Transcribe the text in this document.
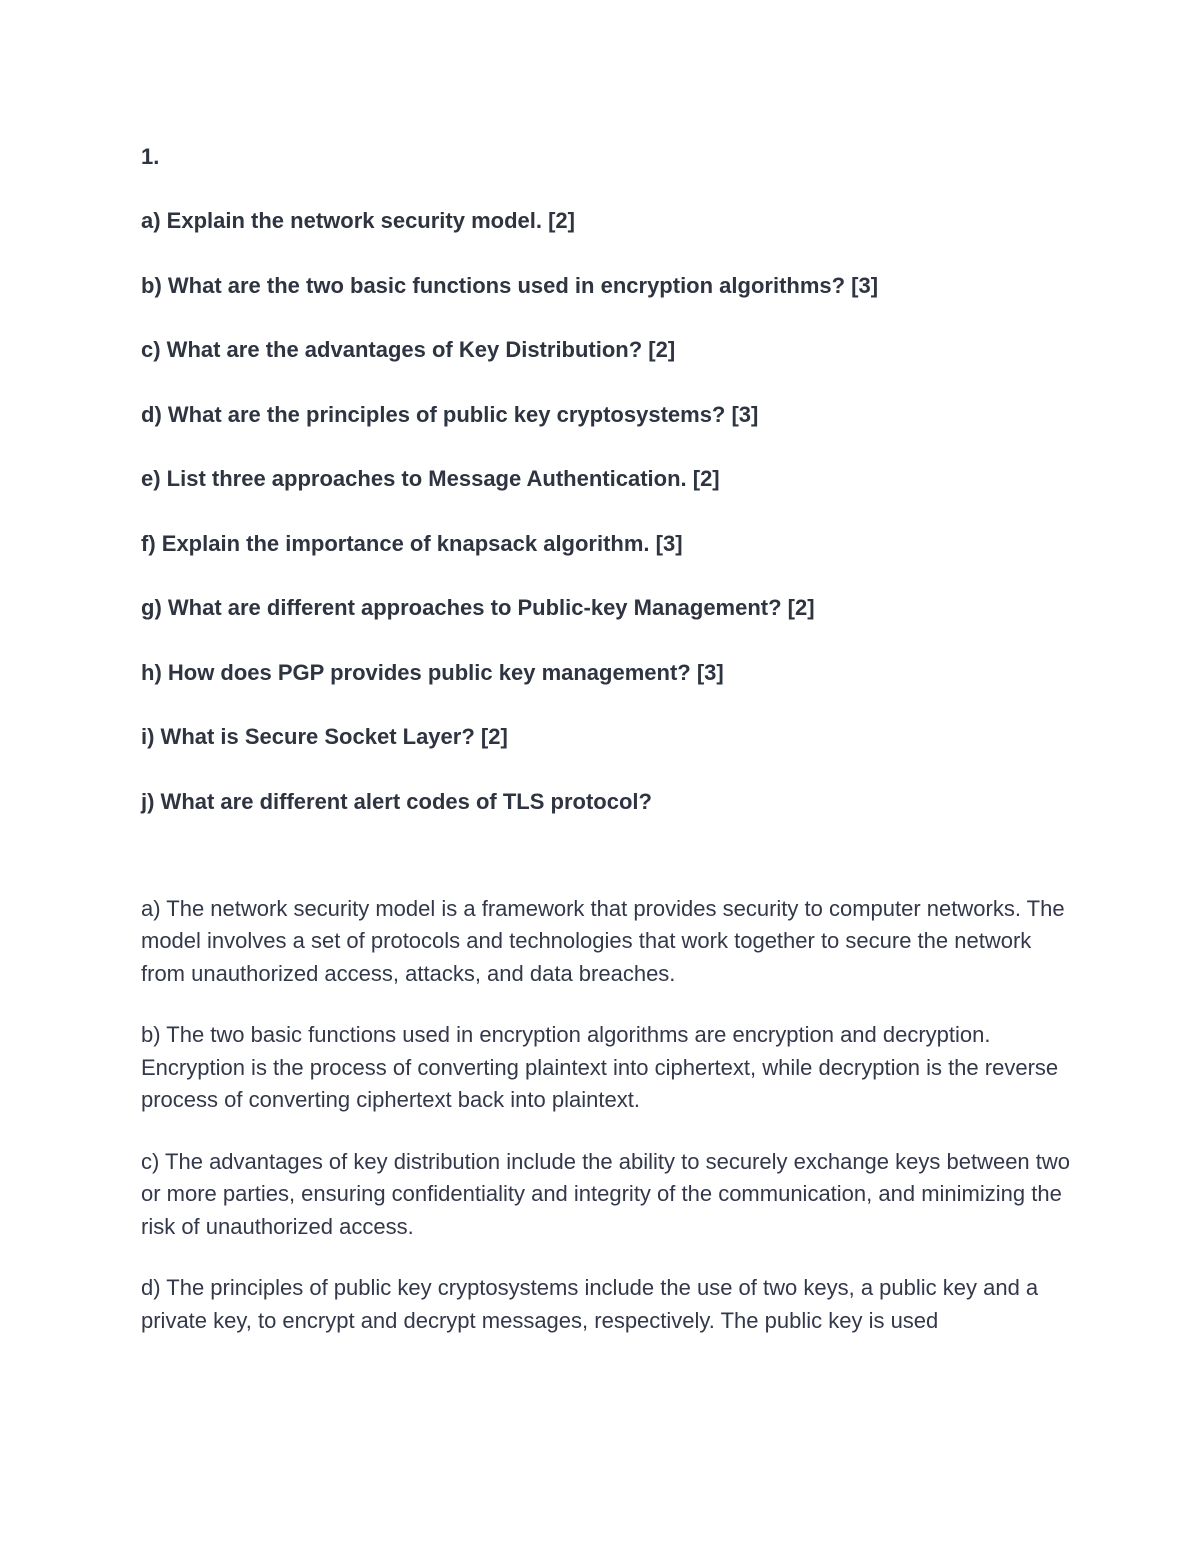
1.
a) Explain the network security model. [2]
b) What are the two basic functions used in encryption algorithms? [3]
c) What are the advantages of Key Distribution? [2]
d) What are the principles of public key cryptosystems? [3]
e) List three approaches to Message Authentication. [2]
f) Explain the importance of knapsack algorithm. [3]
g) What are different approaches to Public-key Management? [2]
h) How does PGP provides public key management? [3]
i) What is Secure Socket Layer? [2]
j) What are different alert codes of TLS protocol?

a) The network security model is a framework that provides security to computer networks. The model involves a set of protocols and technologies that work together to secure the network from unauthorized access, attacks, and data breaches.

b) The two basic functions used in encryption algorithms are encryption and decryption. Encryption is the process of converting plaintext into ciphertext, while decryption is the reverse process of converting ciphertext back into plaintext.

c) The advantages of key distribution include the ability to securely exchange keys between two or more parties, ensuring confidentiality and integrity of the communication, and minimizing the risk of unauthorized access.

d) The principles of public key cryptosystems include the use of two keys, a public key and a private key, to encrypt and decrypt messages, respectively. The public key is used
